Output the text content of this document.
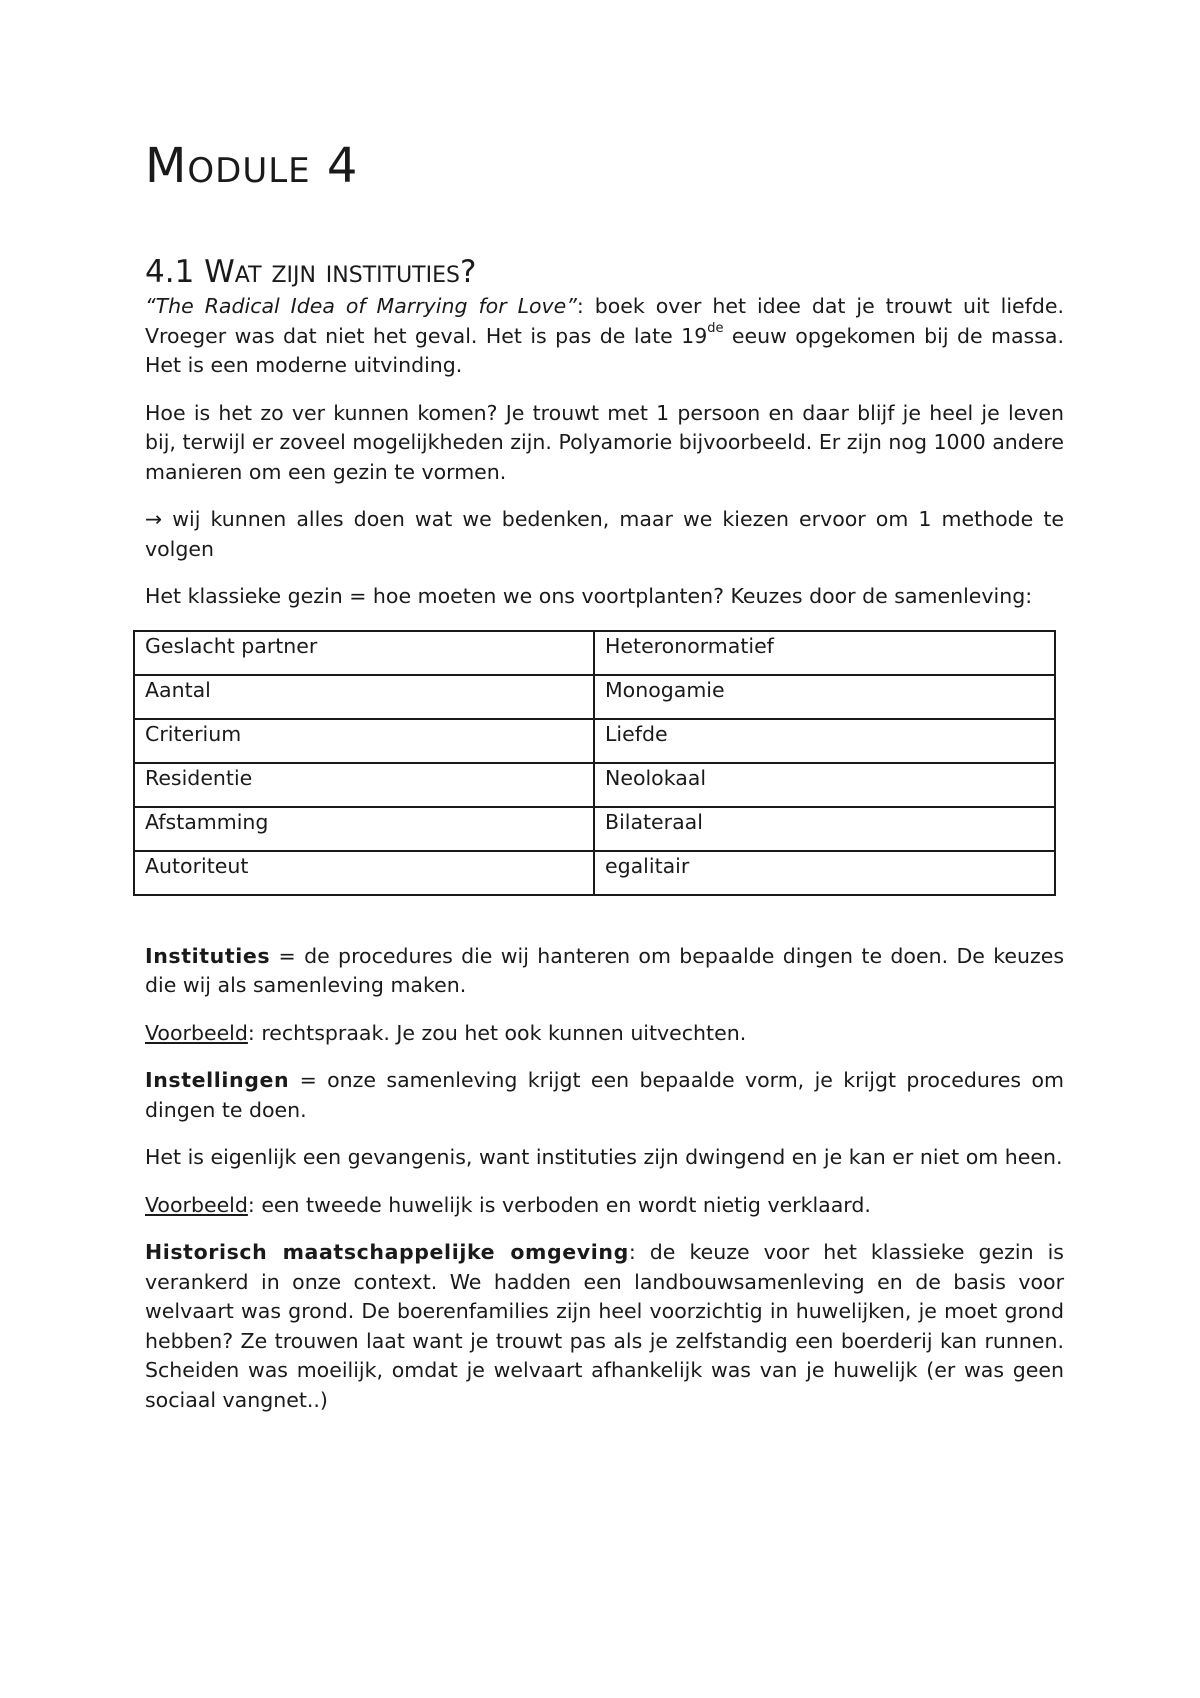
Module 4
4.1 Wat zijn instituties?

“The Radical Idea of Marrying for Love”: boek over het idee dat je trouwt uit liefde. Vroeger was dat niet het geval. Het is pas de late 19de eeuw opgekomen bij de massa. Het is een moderne uitvinding.

Hoe is het zo ver kunnen komen? Je trouwt met 1 persoon en daar blijf je heel je leven bij, terwijl er zoveel mogelijkheden zijn. Polyamorie bijvoorbeeld. Er zijn nog 1000 andere manieren om een gezin te vormen.

→ wij kunnen alles doen wat we bedenken, maar we kiezen ervoor om 1 methode te volgen

Het klassieke gezin = hoe moeten we ons voortplanten? Keuzes door de samenleving:

Geslacht partner	Heteronormatief
Aantal	Monogamie
Criterium	Liefde
Residentie	Neolokaal
Afstamming	Bilateraal
Autoriteut	egalitair

Instituties = de procedures die wij hanteren om bepaalde dingen te doen. De keuzes die wij als samenleving maken.

Voorbeeld: rechtspraak. Je zou het ook kunnen uitvechten.

Instellingen = onze samenleving krijgt een bepaalde vorm, je krijgt procedures om dingen te doen.

Het is eigenlijk een gevangenis, want instituties zijn dwingend en je kan er niet om heen.

Voorbeeld: een tweede huwelijk is verboden en wordt nietig verklaard.

Historisch maatschappelijke omgeving: de keuze voor het klassieke gezin is verankerd in onze context. We hadden een landbouwsamenleving en de basis voor welvaart was grond. De boerenfamilies zijn heel voorzichtig in huwelijken, je moet grond hebben? Ze trouwen laat want je trouwt pas als je zelfstandig een boerderij kan runnen. Scheiden was moeilijk, omdat je welvaart afhankelijk was van je huwelijk (er was geen sociaal vangnet..)
